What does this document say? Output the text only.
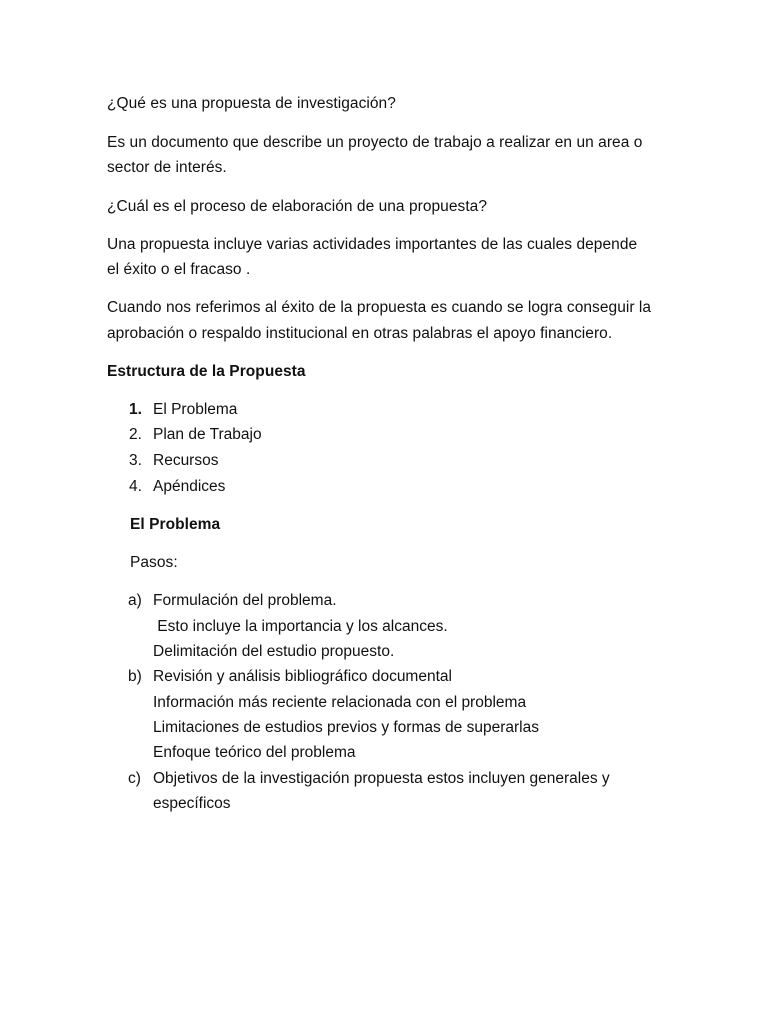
¿Qué es una propuesta de investigación?
Es un documento que describe un proyecto de trabajo a realizar en un area o
sector de interés.
¿Cuál es el proceso de elaboración de una propuesta?
Una propuesta incluye varias actividades importantes de las cuales depende
el éxito o el fracaso .
Cuando nos referimos al éxito de la propuesta es cuando se logra conseguir la
aprobación o respaldo institucional en otras palabras el apoyo financiero.
Estructura de la Propuesta
1. El Problema
2. Plan de Trabajo
3. Recursos
4. Apéndices
El Problema
Pasos:
a) Formulación del problema.
Esto incluye la importancia y los alcances.
Delimitación del estudio propuesto.
b) Revisión y análisis bibliográfico documental
Información más reciente relacionada con el problema
Limitaciones de estudios previos y formas de superarlas
Enfoque teórico del problema
c) Objetivos de la investigación propuesta estos incluyen generales y
específicos
